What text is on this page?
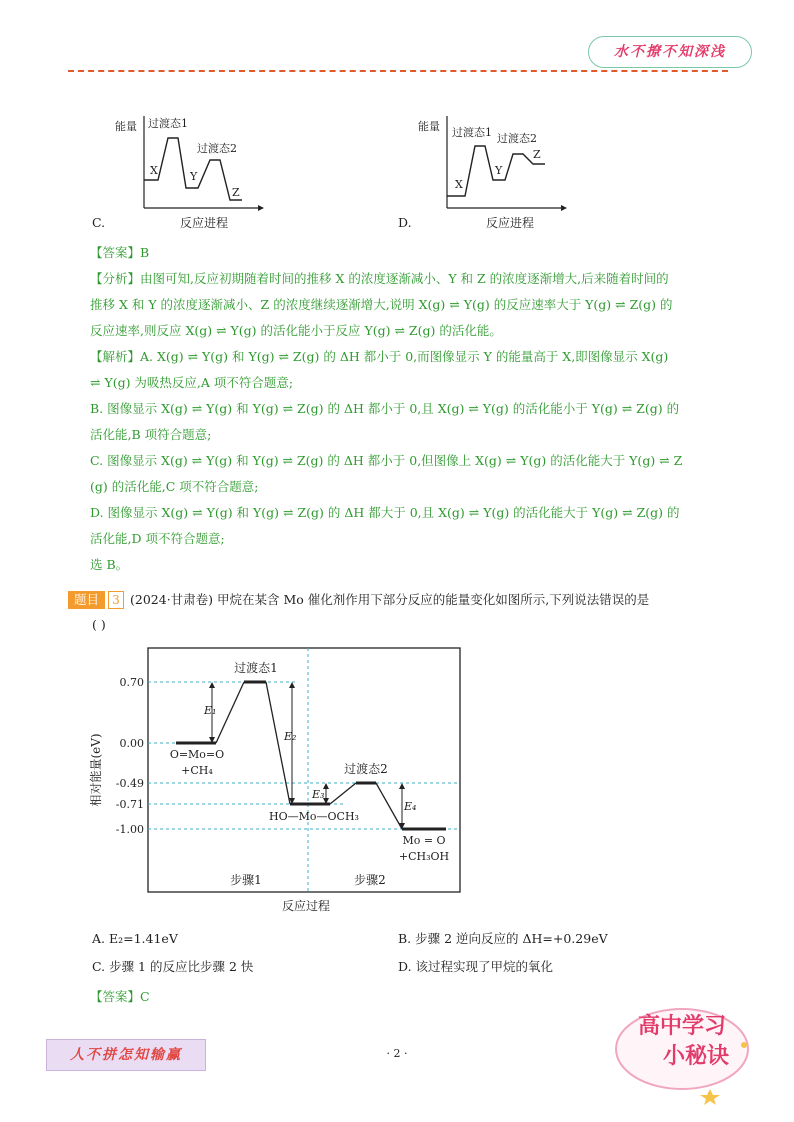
水不撩不知深浅
能量 过渡态1
过渡态2
X	Y
Z
C.	反应进程
能量 过渡态1 过渡态2
X
Y
Z
D.	反应进程
【答案】B
【分析】由图可知,反应初期随着时间的推移 X 的浓度逐渐减小、Y 和 Z 的浓度逐渐增大,后来随着时间的
推移 X 和 Y 的浓度逐渐减小、Z 的浓度继续逐渐增大,说明 X(g) ⇌ Y(g) 的反应速率大于 Y(g) ⇌ Z(g) 的
反应速率,则反应 X(g) ⇌ Y(g) 的活化能小于反应 Y(g) ⇌ Z(g) 的活化能。
【解析】A. X(g) ⇌ Y(g) 和 Y(g) ⇌ Z(g) 的 ΔH 都小于 0,而图像显示 Y 的能量高于 X,即图像显示 X(g)
⇌ Y(g) 为吸热反应,A 项不符合题意;
B. 图像显示 X(g) ⇌ Y(g) 和 Y(g) ⇌ Z(g) 的 ΔH 都小于 0,且 X(g) ⇌ Y(g) 的活化能小于 Y(g) ⇌ Z(g) 的
活化能,B 项符合题意;
C. 图像显示 X(g) ⇌ Y(g) 和 Y(g) ⇌ Z(g) 的 ΔH 都小于 0,但图像上 X(g) ⇌ Y(g) 的活化能大于 Y(g) ⇌ Z
(g) 的活化能,C 项不符合题意;
D. 图像显示 X(g) ⇌ Y(g) 和 Y(g) ⇌ Z(g) 的 ΔH 都大于 0,且 X(g) ⇌ Y(g) 的活化能大于 Y(g) ⇌ Z(g) 的
活化能,D 项不符合题意;
选 B。
题目	3 (2024·甘肃卷) 甲烷在某含 Mo 催化剂作用下部分反应的能量变化如图所示,下列说法错误的是
( )
0.70
0.00
-0.49
-0.71
-1.00
相对能量(eV)
E₁
E₂
E₃
E₄
过渡态1
过渡态2
O=Mo=O
+CH₄
HO—Mo—OCH₃
Mo = O
+CH₃OH
步骤1	步骤2
反应过程
A. E₂=1.41eV	B. 步骤 2 逆向反应的 ΔH=+0.29eV
C. 步骤 1 的反应比步骤 2 快	D. 该过程实现了甲烷的氧化
【答案】C
人不拼怎知输赢	· 2 ·
高中学习
小秘诀
